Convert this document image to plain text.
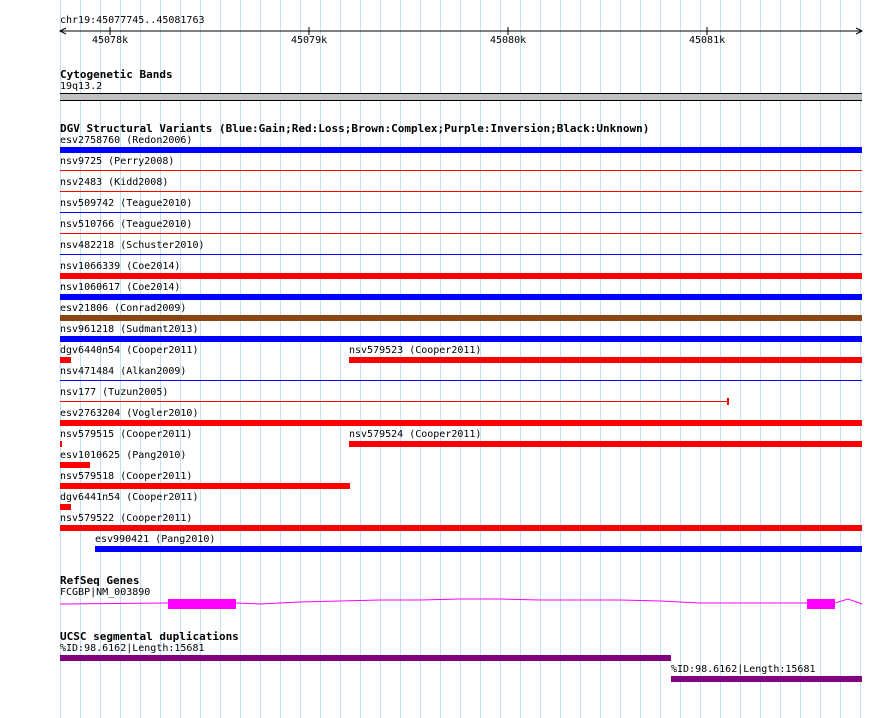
chr19:45077745..45081763
45078k	45079k	45080k	45081k
Cytogenetic Bands
19q13.2
DGV Structural Variants (Blue:Gain;Red:Loss;Brown:Complex;Purple:Inversion;Black:Unknown)
esv2758760 (Redon2006)
nsv9725 (Perry2008)
nsv2483 (Kidd2008)
nsv509742 (Teague2010)
nsv510766 (Teague2010)
nsv482218 (Schuster2010)
nsv1066339 (Coe2014)
nsv1060617 (Coe2014)
esv21806 (Conrad2009)
nsv961218 (Sudmant2013)
dgv6440n54 (Cooper2011)	nsv579523 (Cooper2011)
nsv471484 (Alkan2009)
nsv177 (Tuzun2005)
esv2763204 (Vogler2010)
nsv579515 (Cooper2011)	nsv579524 (Cooper2011)
esv1010625 (Pang2010)
nsv579518 (Cooper2011)
dgv6441n54 (Cooper2011)
nsv579522 (Cooper2011)
esv990421 (Pang2010)
RefSeq Genes
FCGBP|NM_003890
UCSC segmental duplications
%ID:98.6162|Length:15681
%ID:98.6162|Length:15681
